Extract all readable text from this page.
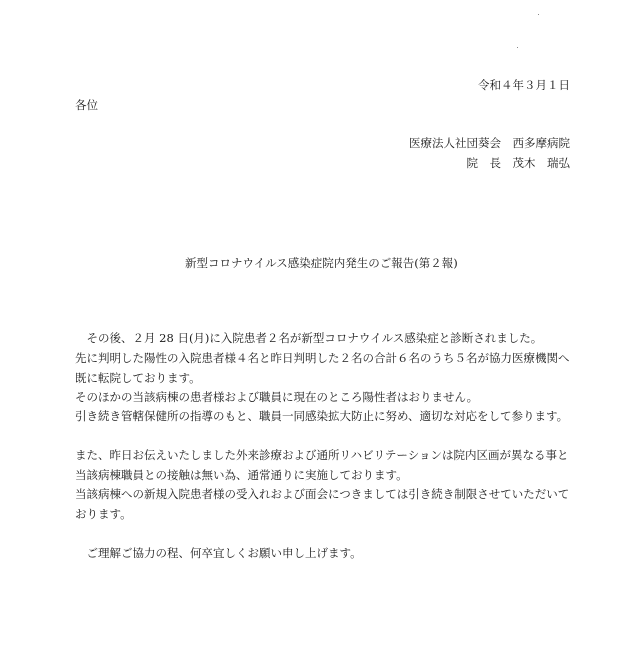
令和４年３月１日
各位
医療法人社団葵会　西多摩病院
院　長　茂木　瑞弘
新型コロナウイルス感染症院内発生のご報告(第２報)
　その後、２月 28 日(月)に入院患者２名が新型コロナウイルス感染症と診断されました。
先に判明した陽性の入院患者様４名と昨日判明した２名の合計６名のうち５名が協力医療機関へ
既に転院しております。
そのほかの当該病棟の患者様および職員に現在のところ陽性者はおりません。
引き続き管轄保健所の指導のもと、職員一同感染拡大防止に努め、適切な対応をして参ります。
また、昨日お伝えいたしました外来診療および通所リハビリテーションは院内区画が異なる事と
当該病棟職員との接触は無い為、通常通りに実施しております。
当該病棟への新規入院患者様の受入れおよび面会につきましては引き続き制限させていただいて
おります。
　ご理解ご協力の程、何卒宜しくお願い申し上げます。
